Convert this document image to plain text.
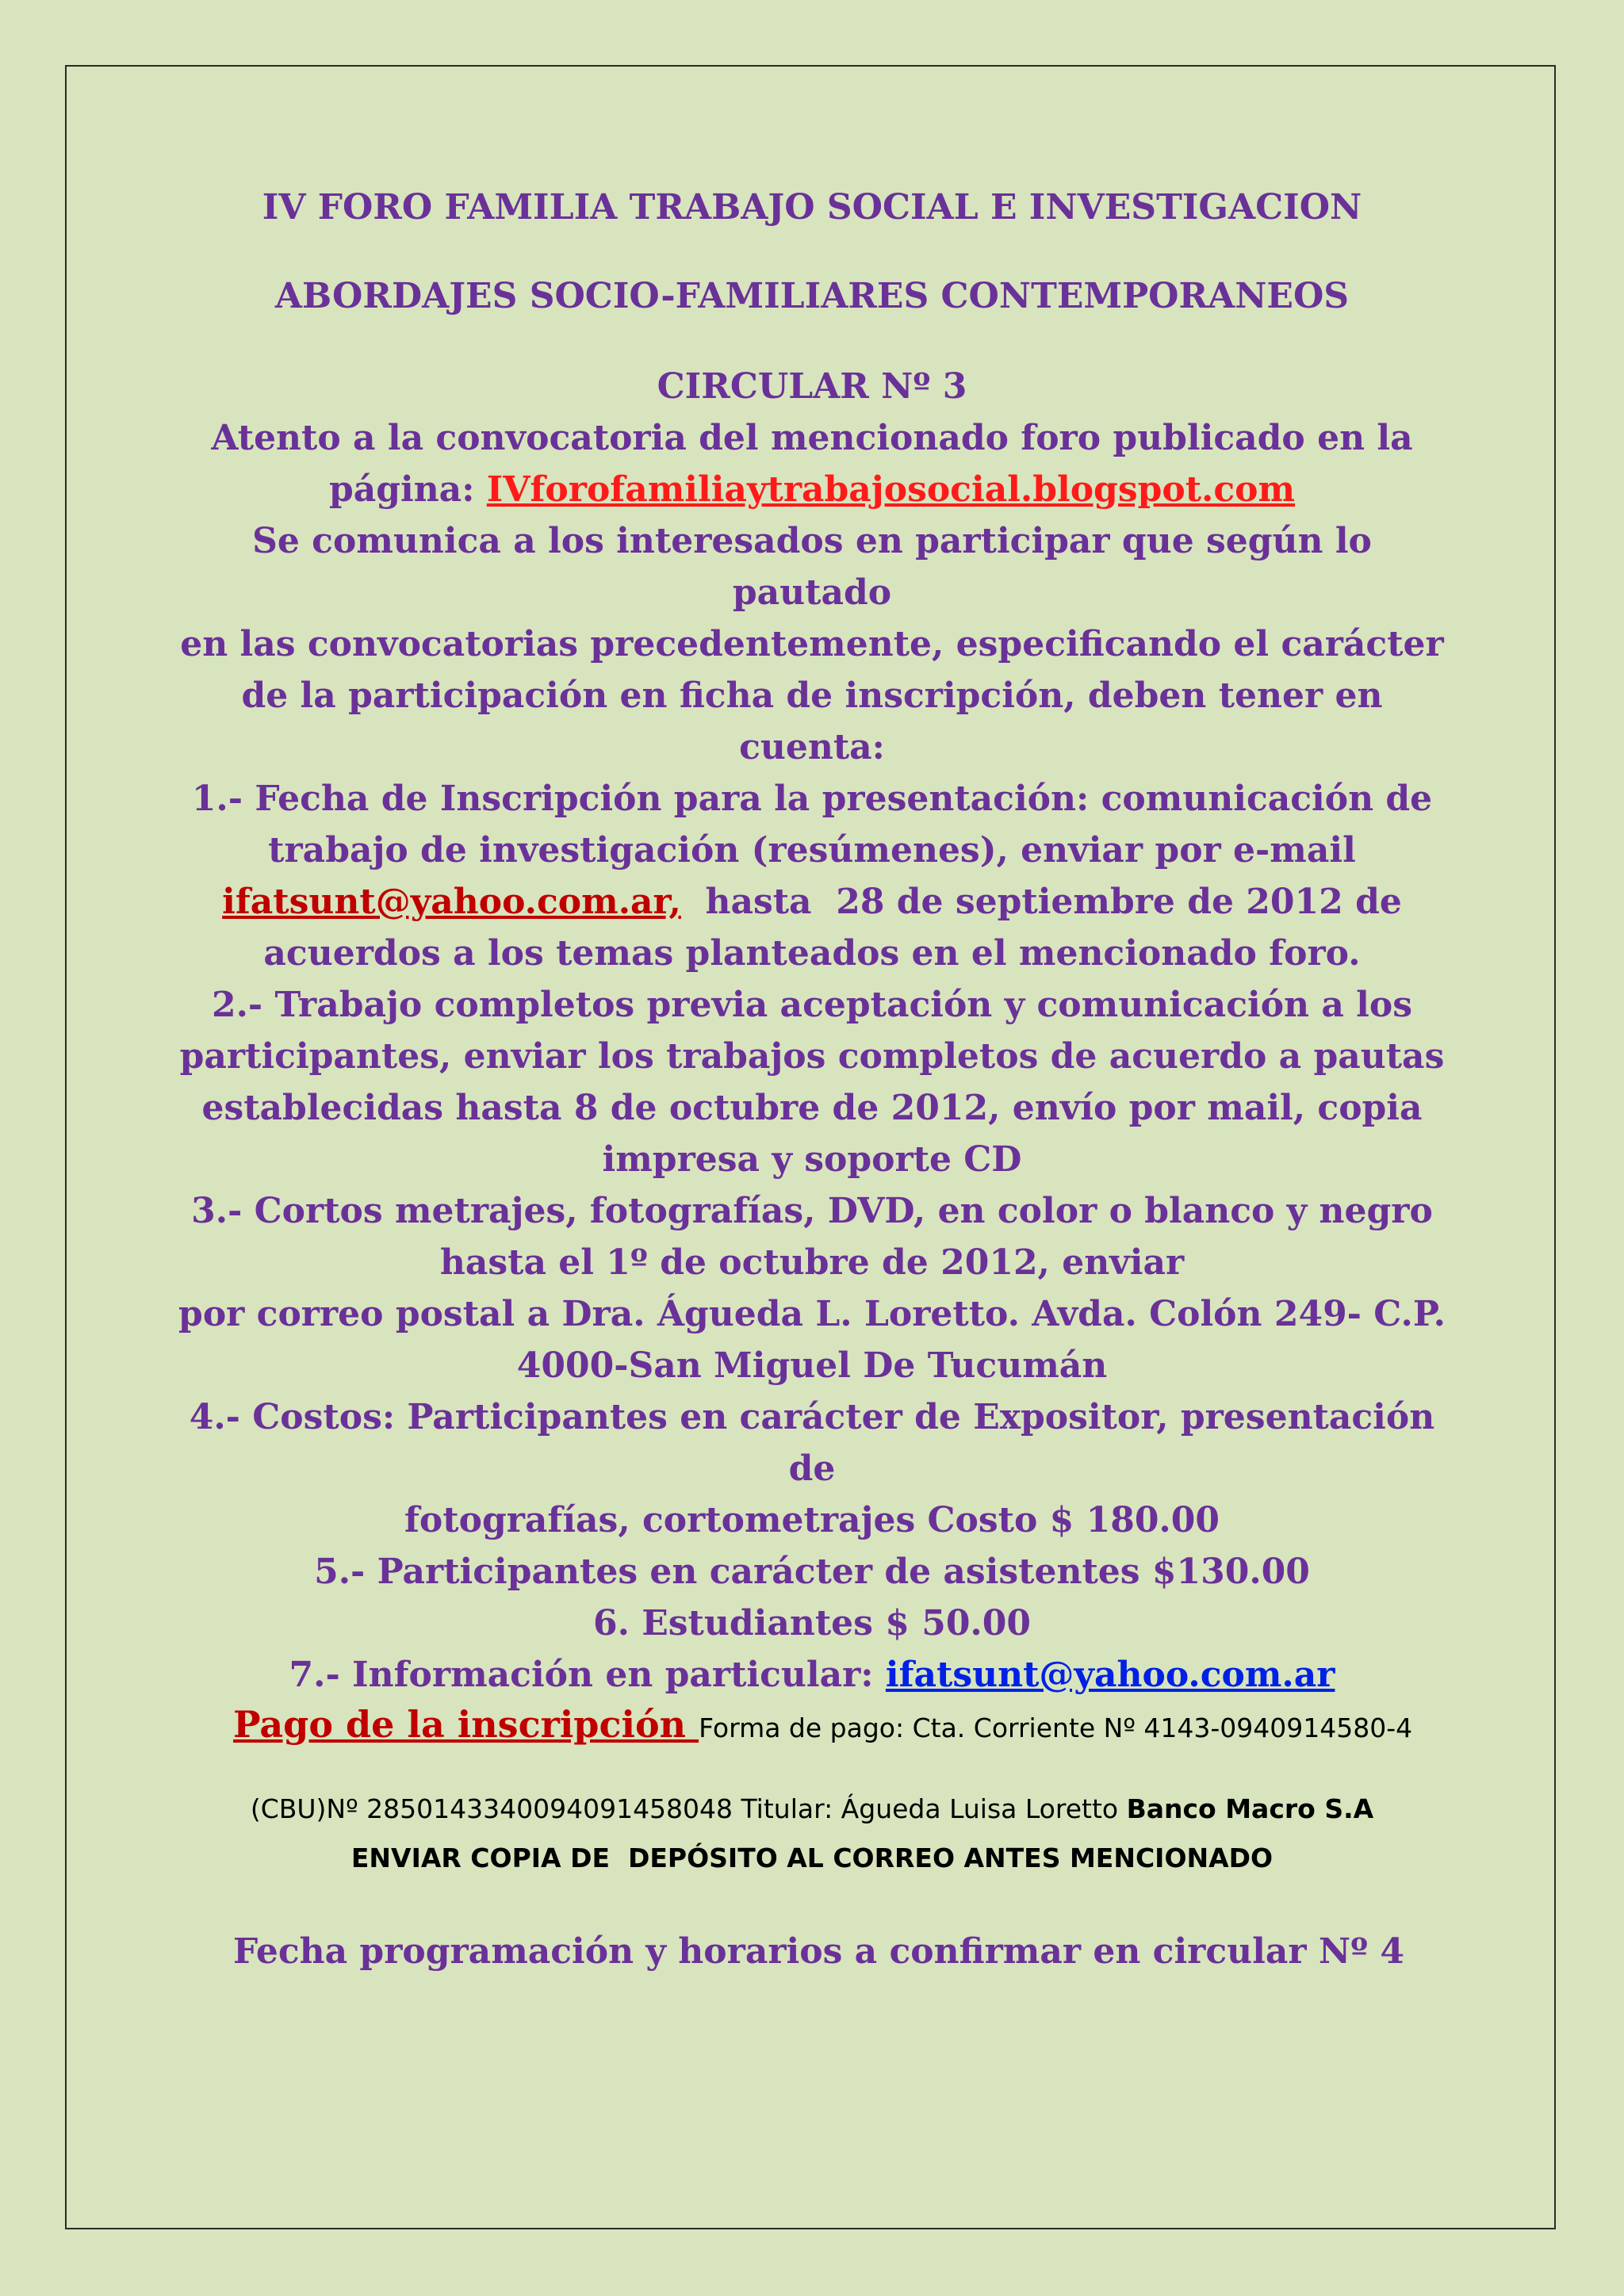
IV FORO FAMILIA TRABAJO SOCIAL E INVESTIGACION

ABORDAJES SOCIO-FAMILIARES CONTEMPORANEOS

CIRCULAR Nº 3

Atento a la convocatoria del mencionado foro publicado en la

página: IVforofamiliaytrabajosocial.blogspot.com

Se comunica a los interesados en participar que según lo pautado

en las convocatorias precedentemente, especificando el carácter

de la participación en ficha de inscripción, deben tener en cuenta:

1.- Fecha de Inscripción para la presentación: comunicación de

trabajo de investigación (resúmenes), enviar por e-mail

ifatsunt@yahoo.com.ar,  hasta  28 de septiembre de 2012 de

acuerdos a los temas planteados en el mencionado foro.

2.- Trabajo completos previa aceptación y comunicación a los

participantes, enviar los trabajos completos de acuerdo a pautas

establecidas hasta 8 de octubre de 2012, envío por mail, copia

impresa y soporte CD

3.- Cortos metrajes, fotografías, DVD, en color o blanco y negro

hasta el 1º de octubre de 2012, enviar

por correo postal a Dra. Águeda L. Loretto. Avda. Colón 249- C.P.

4000-San Miguel De Tucumán

4.- Costos: Participantes en carácter de Expositor, presentación de

fotografías, cortometrajes Costo $ 180.00

5.- Participantes en carácter de asistentes $130.00

6. Estudiantes $ 50.00

7.- Información en particular: ifatsunt@yahoo.com.ar

Pago de la inscripción Forma de pago: Cta. Corriente Nº 4143-0940914580-4

(CBU)Nº 2850143340094091458048 Titular: Águeda Luisa Loretto Banco Macro S.A

ENVIAR COPIA DE  DEPÓSITO AL CORREO ANTES MENCIONADO

Fecha programación y horarios a confirmar en circular Nº 4
